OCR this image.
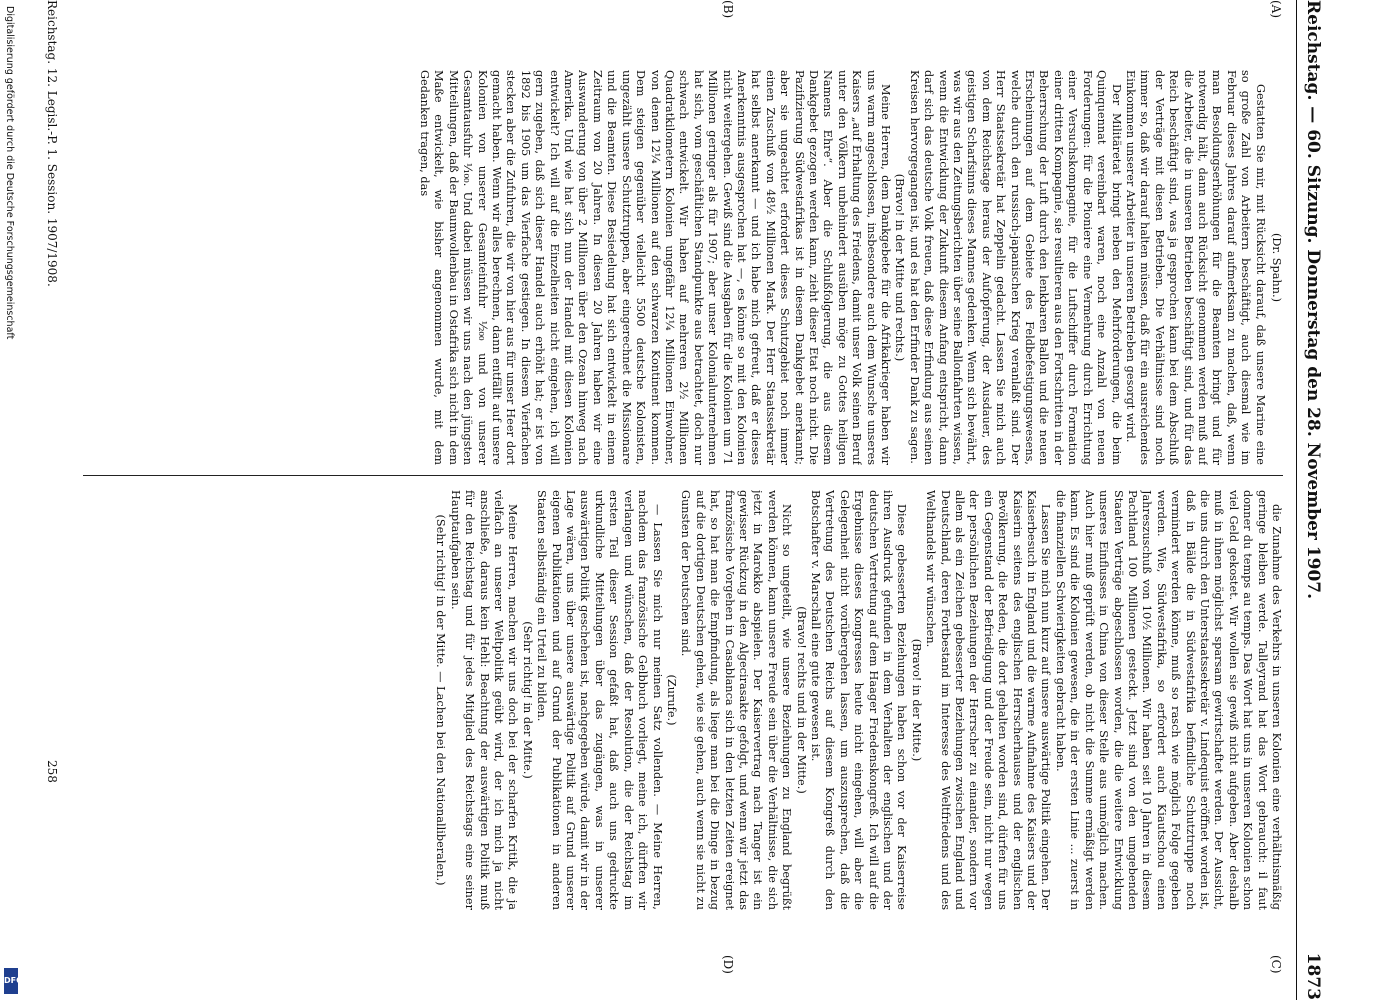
Reichstag. — 60. Sitzung. Donnerstag den 28. November 1907.
1873
(A)
(B)
(C)
(D)
(Dr. Spahn.)

Gestatten Sie mir, mit Rücksicht darauf, daß unsere Marine eine so große Zahl von Arbeitern beschäftigt, auch diesmal wie im Februar dieses Jahres darauf aufmerksam zu machen, daß, wenn man Besoldungserhöhungen für die Beamten bringt und für notwendig hält, dann auch Rücksicht genommen werden muß auf die Arbeiter, die in unseren Betrieben beschäftigt sind, und für das Reich beschäftigt sind, was ja gesprochen kann bei dem Abschluß der Verträge mit diesen Betrieben. Die Verhältnisse sind noch immer so, daß wir darauf halten müssen, daß für ein ausreichendes Einkommen unserer Arbeiter in unseren Betrieben gesorgt wird.

Der Militäretat bringt neben den Mehrforderungen, die beim Quinquennat vereinbart waren, noch eine Anzahl von neuen Forderungen: für die Pioniere eine Vermehrung durch Errichtung einer Versuchskompagnie, für die Luftschiffer durch Formation einer dritten Kompagnie, sie resultieren aus den Fortschritten in der Beherrschung der Luft durch den lenkbaren Ballon und die neuen Erscheinungen auf dem Gebiete des Feldbefestigungswesens, welche durch den russisch-japanischen Krieg veranlaßt sind. Der Herr Staatssekretär hat Zeppelin gedacht. Lassen Sie mich auch von dem Reichstage heraus der Aufopferung, der Ausdauer, des geistigen Scharfsinns dieses Mannes gedenken. Wenn sich bewährt, was wir aus den Zeitungsberichten über seine Ballonfahrten wissen, wenn die Entwicklung der Zukunft diesem Anfang entspricht, dann darf sich das deutsche Volk freuen, daß diese Erfindung aus seinen Kreisen hervorgegangen ist, und es hat den Erfinder Dank zu sagen.

(Bravo! in der Mitte und rechts.)

Meine Herren, dem Dankgebete für die Afrikakrieger haben wir uns warm angeschlossen, insbesondere auch dem Wunsche unseres Kaisers „auf Erhaltung des Friedens, damit unser Volk seinen Beruf unter den Völkern unbehindert ausüben möge zu Gottes heiligen Namens Ehre“. Aber die Schlußfolgerung, die aus diesem Dankgebet gezogen werden kann, zieht dieser Etat noch nicht. Die Pazifizierung Südwestafrikas ist in diesem Dankgebet anerkannt; aber sie ungeachtet erfordert dieses Schutzgebiet noch immer einen Zuschuß von 48½ Millionen Mark. Der Herr Staatssekretär hat selbst anerkannt — und ich habe mich gefreut, daß er dieses Anerkenntnis ausgesprochen hat —, es könne so mit den Kolonien nicht weitergehen. Gewiß sind die Ausgaben für die Kolonien um 71 Millionen geringer als für 1907; aber unser Kolonialunternehmen hat sich, vom geschäftlichen Standpunkte aus betrachtet, doch nur schwach entwickelt. Wir haben auf mehreren 2½ Millionen Quadratkilometern Kolonien ungefähr 12¼ Millionen Einwohner, von denen 12¼ Millionen auf den schwarzen Kontinent kommen. Dem steigen gegenüber vielleicht 5500 deutsche Kolonisten, ungezählt unsere Schutztruppen, aber eingerechnet die Missionare und die Beamten. Diese Besiedelung hat sich entwickelt in einem Zeitraum von 20 Jahren. In diesen 20 Jahren haben wir eine Auswanderung von über 2 Millionen über den Ozean hinweg nach Amerika. Und wie hat sich nun der Handel mit diesen Kolonien entwickelt? Ich will auf die Einzelheiten nicht eingehen, ich will gern zugeben, daß sich dieser Handel auch erhöht hat; er ist von 1892 bis 1905 um das Vierfache gestiegen. In diesem Vierfachen stecken aber die Zufuhren, die wir von hier aus für unser Heer dort gemacht haben. Wenn wir alles berechnen, dann entfällt auf unsere Kolonien von unserer Gesamteinfuhr ¹⁄₂₀₀ und von unserer Gesamtausfuhr ¹⁄₁₀₀. Und dabei müssen wir uns nach den jüngsten Mitteilungen, daß der Baumwollenbau in Ostafrika sich nicht in dem Maße entwickelt, wie bisher angenommen wurde, mit dem Gedanken tragen, das

die Zunahme des Verkehrs in unseren Kolonien eine verhältnismäßig geringe bleiben werde. Talleyrand hat das Wort gebraucht: il faut donner du temps au temps. Das Wort hat uns in unseren Kolonien schon viel Geld gekostet. Wir wollen sie gewiß nicht aufgeben. Aber deshalb muß in ihnen möglichst sparsam gewirtschaftet werden. Der Aussicht, die uns durch den Unterstaatssekretär v. Lindequist eröffnet worden ist, daß in Bälde die in Südwestafrika befindliche Schutztruppe noch vermindert werden könne, muß so rasch wie möglich Folge gegeben werden. Wie, Südwestafrika, so erfordert auch Kiautschou einen Jahreszuschuß von 10½ Millionen. Wir haben seit 10 Jahren in diesem Pachtland 100 Millionen gesteckt. Jetzt sind von den umgebenden Staaten Verträge abgeschlossen worden, die die weitere Entwicklung unseres Einflusses in China von dieser Stelle aus unmöglich machen. Auch hier muß geprüft werden, ob nicht die Summe ermäßigt werden kann. Es sind die Kolonien gewesen, die in der ersten Linie ... zuerst in die finanziellen Schwierigkeiten gebracht haben.

Lassen Sie mich nun kurz auf unsere auswärtige Politik eingehen. Der Kaiserbesuch in England und die warme Aufnahme des Kaisers und der Kaiserin seitens des englischen Herrscherhauses und der englischen Bevölkerung, die Reden, die dort gehalten worden sind, dürfen für uns ein Gegenstand der Befriedigung und der Freude sein, nicht nur wegen der persönlichen Beziehungen der Herrscher zu einander, sondern vor allem als ein Zeichen gebesserter Beziehungen zwischen England und Deutschland, deren Fortbestand im Interesse des Weltfriedens und des Welthandels wir wünschen.

(Bravo! in der Mitte.)

Diese gebesserten Beziehungen haben schon vor der Kaiserreise ihren Ausdruck gefunden in dem Verhalten der englischen und der deutschen Vertretung auf dem Haager Friedenskongreß. Ich will auf die Ergebnisse dieses Kongresses heute nicht eingehen, will aber die Gelegenheit nicht vorübergehen lassen, um auszusprechen, daß die Vertretung des Deutschen Reichs auf diesem Kongreß durch den Botschafter v. Marschall eine gute gewesen ist.

(Bravo! rechts und in der Mitte.)

Nicht so ungeteilt, wie unsere Beziehungen zu England begrüßt werden können, kann unsere Freude sein über die Verhältnisse, die sich jetzt in Marokko abspielen. Der Kaiservertrag nach Tanger ist ein gewisser Rückzug in den Algecirasakte gefolgt, und wenn wir jetzt das französische Vorgehen in Casablanca sich in den letzten Zeiten ereignet hat, so hat man die Empfindung, als liege man bei die Dinge in bezug auf die dortigen Deutschen gehen, wie sie gehen, auch wenn sie nicht zu Gunsten der Deutschen sind.

(Zurufe.)

— Lassen Sie mich nur meinen Satz vollenden. — Meine Herren, nachdem das französische Gelbbuch vorliegt, meine ich, dürften wir verlangen und wünschen, daß der Resolution, die der Reichstag im ersten Teil dieser Session gefaßt hat, daß auch uns gedruckte urkundliche Mitteilungen über das zugängen, was in unserer auswärtigen Politik geschehen ist, nachgegeben würde, damit wir in der Lage wären, uns über unsere auswärtige Politik auf Grund unserer eigenen Publikationen und auf Grund der Publikationen in anderen Staaten selbständig ein Urteil zu bilden.

(Sehr richtig! in der Mitte.)

Meine Herren, machen wir uns doch bei der scharfen Kritik, die ja vielfach an unserer Weltpolitik geübt wird, der ich mich ja nicht anschließe, daraus kein Hehl: Beachtung der auswärtigen Politik muß für den Reichstag und für jedes Mitglied des Reichstags eine seiner Hauptaufgaben sein.

(Sehr richtig! in der Mitte. — Lachen bei den Nationalliberalen.)

Reichstag. 12. Legisl.-P. 1. Session. 1907/1908.
258
Digitalisierung gefördert durch die Deutsche Forschungsgemeinschaft
DFG
